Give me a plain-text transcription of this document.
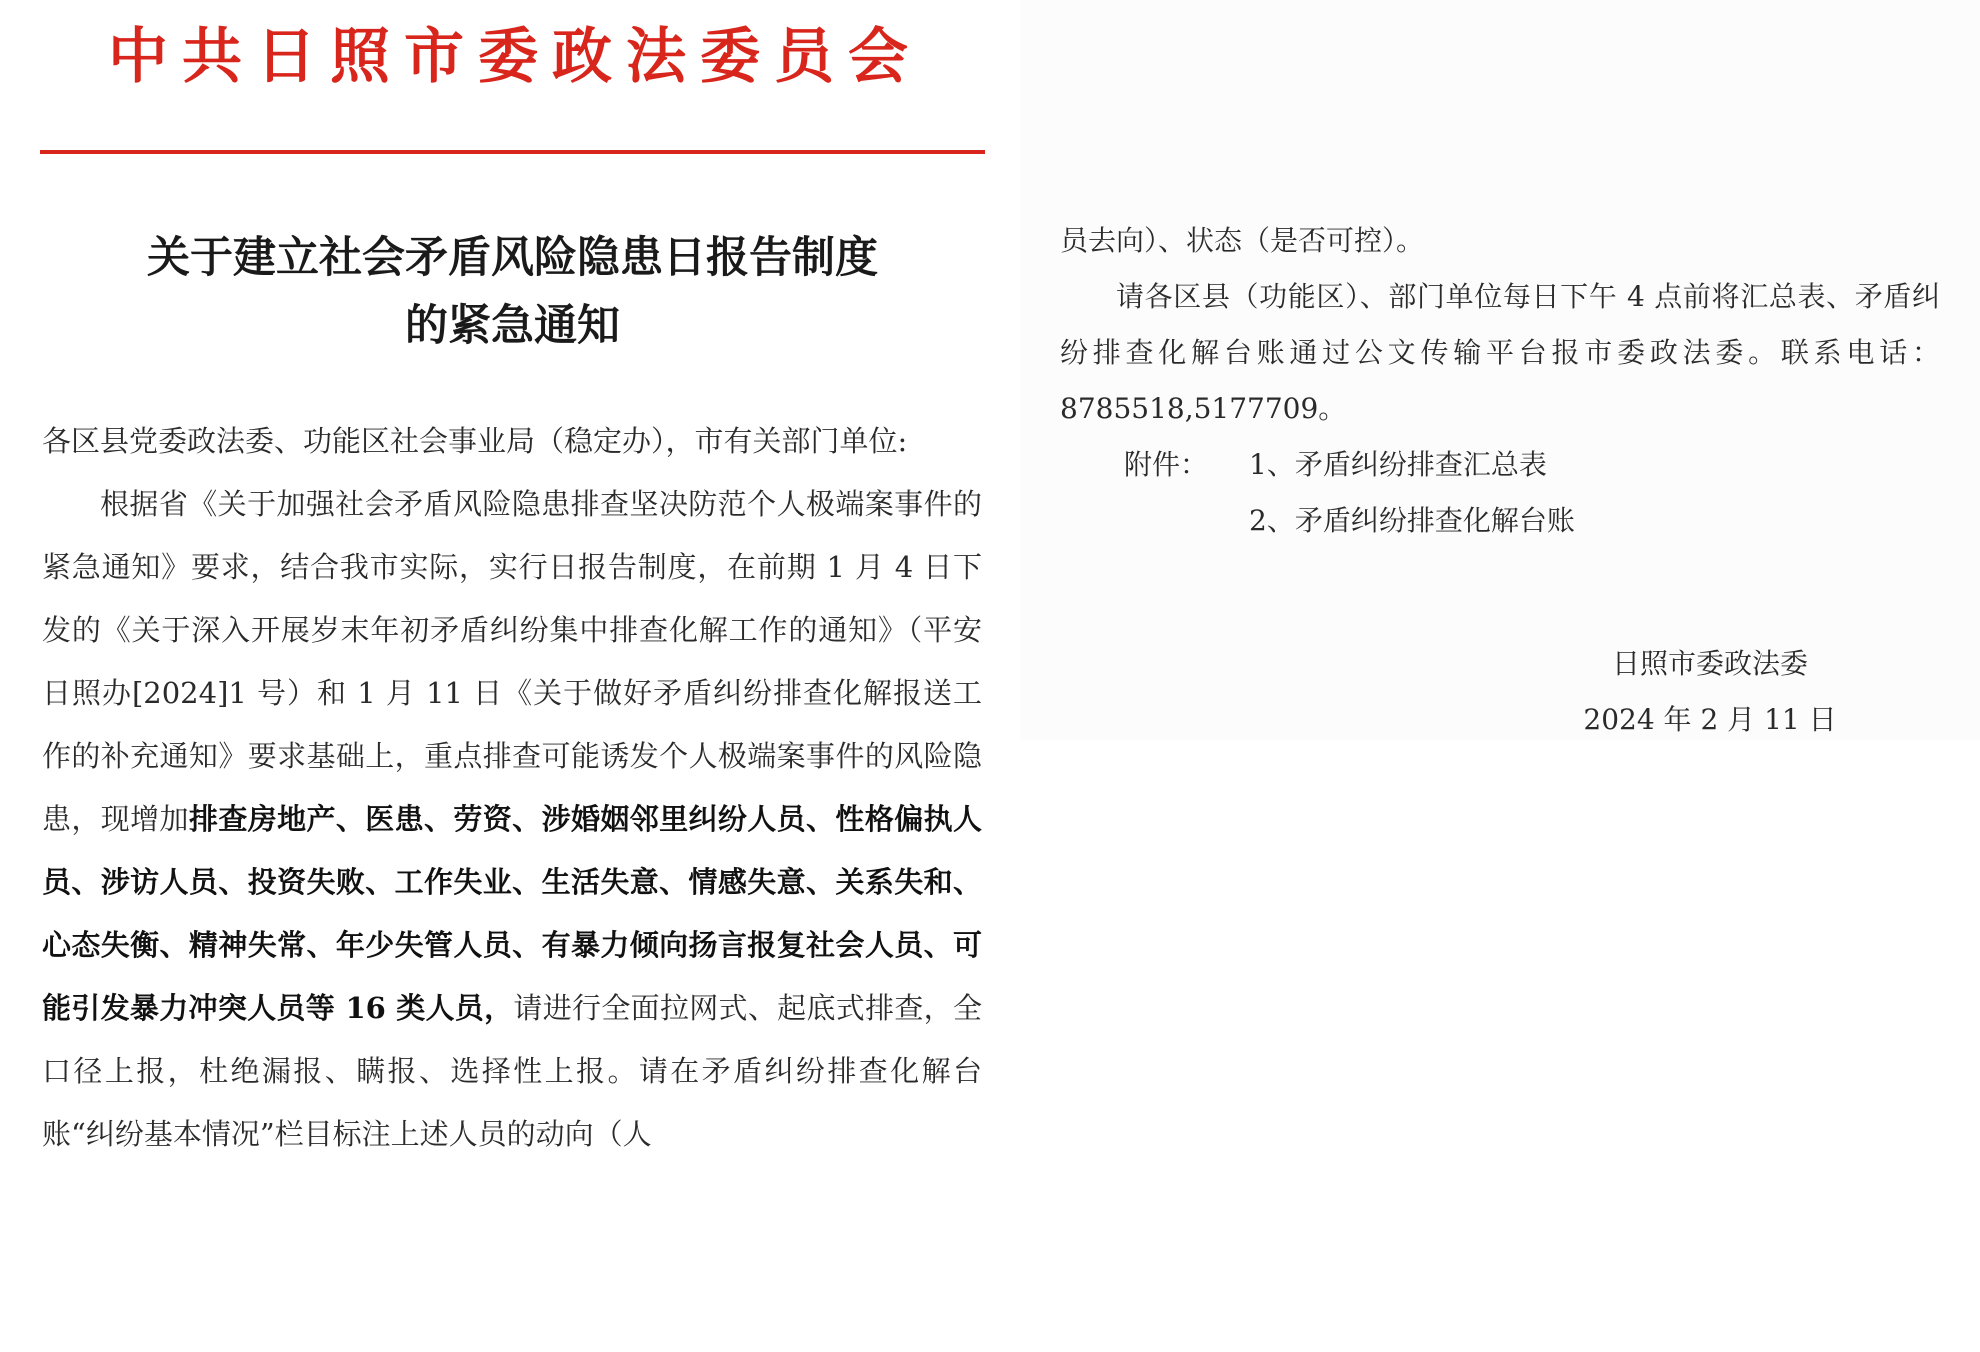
中共日照市委政法委员会
关于建立社会矛盾风险隐患日报告制度
的紧急通知

各区县党委政法委、功能区社会事业局（稳定办），市有关部门单位:

根据省《关于加强社会矛盾风险隐患排查坚决防范个人极端案事件的紧急通知》要求，结合我市实际，实行日报告制度，在前期 1 月 4 日下发的《关于深入开展岁末年初矛盾纠纷集中排查化解工作的通知》（平安日照办[2024]1 号）和 1 月 11 日《关于做好矛盾纠纷排查化解报送工作的补充通知》要求基础上，重点排查可能诱发个人极端案事件的风险隐患，现增加排查房地产、医患、劳资、涉婚姻邻里纠纷人员、性格偏执人员、涉访人员、投资失败、工作失业、生活失意、情感失意、关系失和、心态失衡、精神失常、年少失管人员、有暴力倾向扬言报复社会人员、可能引发暴力冲突人员等 16 类人员，请进行全面拉网式、起底式排查，全口径上报，杜绝漏报、瞒报、选择性上报。请在矛盾纠纷排查化解台账“纠纷基本情况”栏目标注上述人员的动向（人

员去向）、状态（是否可控）。

请各区县（功能区）、部门单位每日下午 4 点前将汇总表、矛盾纠纷排查化解台账通过公文传输平台报市委政法委。联系电话：8785518,5177709。

附件：	1、矛盾纠纷排查汇总表
2、矛盾纠纷排查化解台账
日照市委政法委
2024 年 2 月 11 日
